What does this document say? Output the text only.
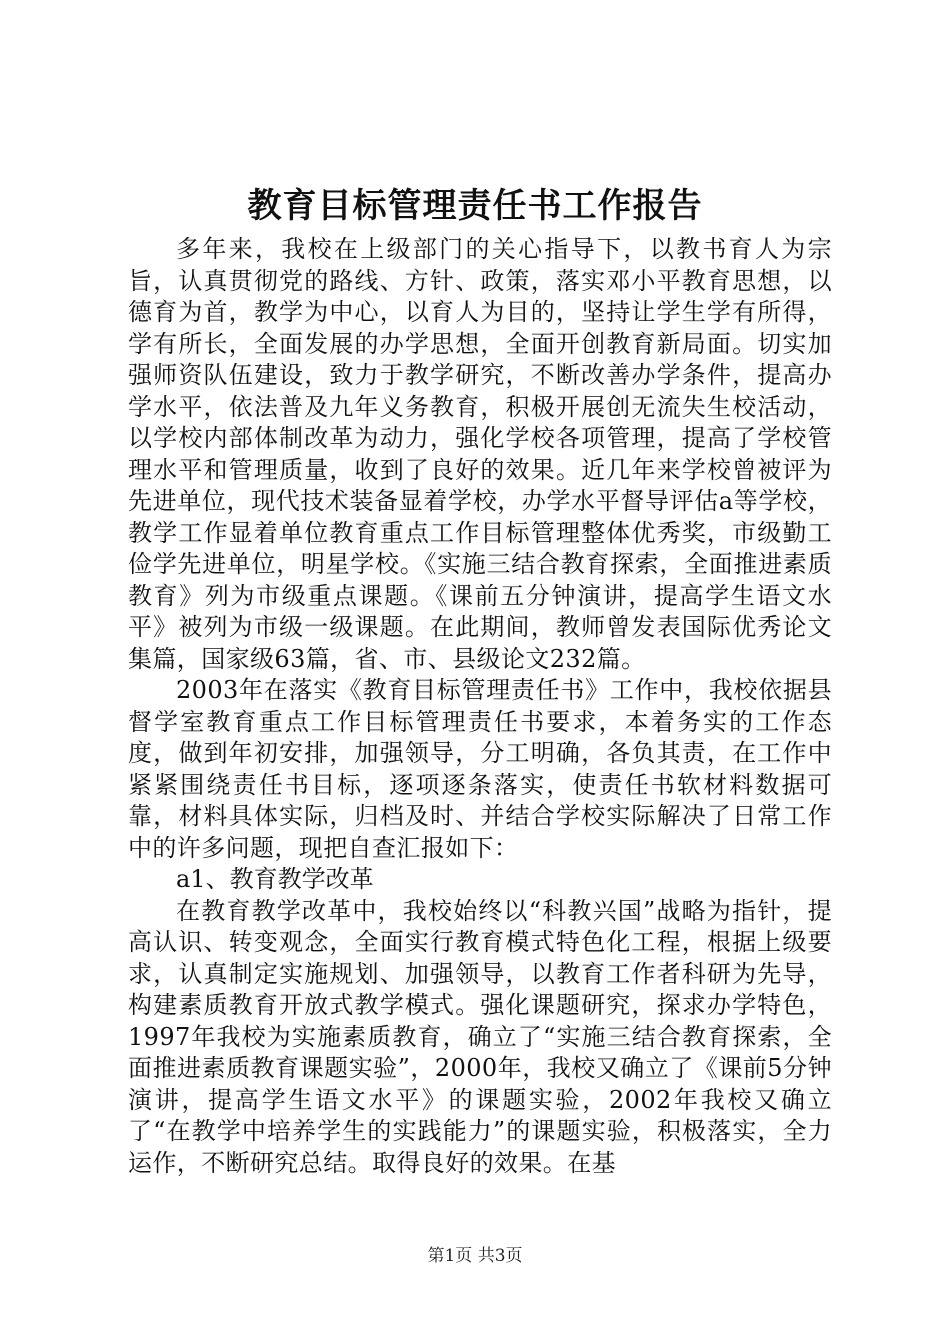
教育目标管理责任书工作报告

多年来，我校在上级部门的关心指导下，以教书育人为宗旨，认真贯彻党的路线、方针、政策，落实邓小平教育思想，以德育为首，教学为中心，以育人为目的，坚持让学生学有所得，学有所长，全面发展的办学思想，全面开创教育新局面。切实加强师资队伍建设，致力于教学研究，不断改善办学条件，提高办学水平，依法普及九年义务教育，积极开展创无流失生校活动，以学校内部体制改革为动力，强化学校各项管理，提高了学校管理水平和管理质量，收到了良好的效果。近几年来学校曾被评为先进单位，现代技术装备显着学校，办学水平督导评估a等学校，教学工作显着单位教育重点工作目标管理整体优秀奖，市级勤工俭学先进单位，明星学校。《实施三结合教育探索，全面推进素质教育》列为市级重点课题。《课前五分钟演讲，提高学生语文水平》被列为市级一级课题。在此期间，教师曾发表国际优秀论文集篇，国家级63篇，省、市、县级论文232篇。

2003年在落实《教育目标管理责任书》工作中，我校依据县督学室教育重点工作目标管理责任书要求，本着务实的工作态度，做到年初安排，加强领导，分工明确，各负其责，在工作中紧紧围绕责任书目标，逐项逐条落实，使责任书软材料数据可靠，材料具体实际，归档及时、并结合学校实际解决了日常工作中的许多问题，现把自查汇报如下：

a1、教育教学改革

在教育教学改革中，我校始终以“科教兴国”战略为指针，提高认识、转变观念，全面实行教育模式特色化工程，根据上级要求，认真制定实施规划、加强领导，以教育工作者科研为先导，构建素质教育开放式教学模式。强化课题研究，探求办学特色，1997年我校为实施素质教育，确立了“实施三结合教育探索，全面推进素质教育课题实验”，2000年，我校又确立了《课前5分钟演讲，提高学生语文水平》的课题实验，2002年我校又确立了“在教学中培养学生的实践能力”的课题实验，积极落实，全力运作，不断研究总结。取得良好的效果。在基

第1页 共3页
